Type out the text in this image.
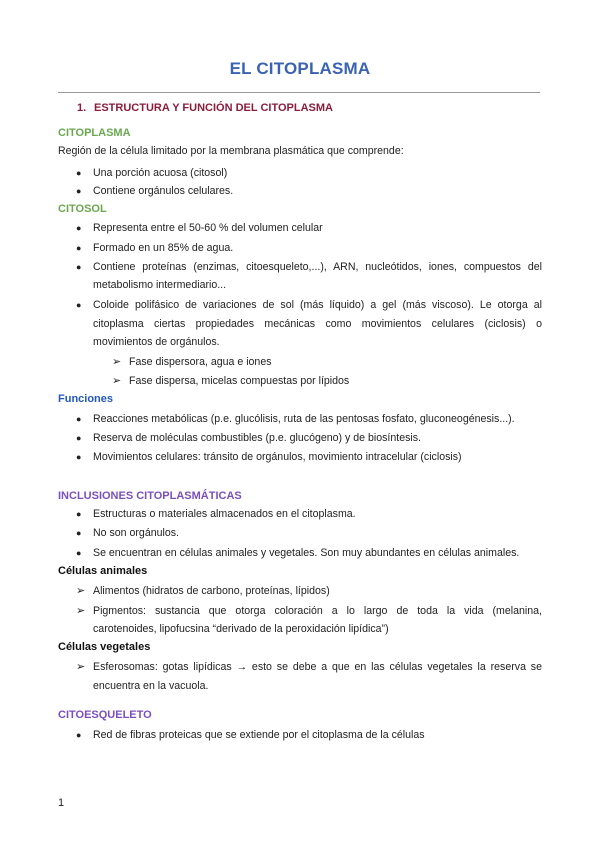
EL CITOPLASMA
1. ESTRUCTURA Y FUNCIÓN DEL CITOPLASMA
CITOPLASMA
Región de la célula limitado por la membrana plasmática que comprende:
● Una porción acuosa (citosol)
● Contiene orgánulos celulares.
CITOSOL
● Representa entre el 50-60 % del volumen celular
● Formado en un 85% de agua.
● Contiene proteínas (enzimas, citoesqueleto,...), ARN, nucleótidos, iones, compuestos del
metabolismo intermediario...
● Coloide polifásico de variaciones de sol (más líquido) a gel (más viscoso). Le otorga al
citoplasma ciertas propiedades mecánicas como movimientos celulares (ciclosis) o
movimientos de orgánulos.
➢ Fase dispersora, agua e iones
➢ Fase dispersa, micelas compuestas por lípidos
Funciones
● Reacciones metabólicas (p.e. glucólisis, ruta de las pentosas fosfato, gluconeogénesis...).
● Reserva de moléculas combustibles (p.e. glucógeno) y de biosíntesis.
● Movimientos celulares: tránsito de orgánulos, movimiento intracelular (ciclosis)
INCLUSIONES CITOPLASMÁTICAS
● Estructuras o materiales almacenados en el citoplasma.
● No son orgánulos.
● Se encuentran en células animales y vegetales. Son muy abundantes en células animales.
Células animales
➢ Alimentos (hidratos de carbono, proteínas, lípidos)
➢ Pigmentos: sustancia que otorga coloración a lo largo de toda la vida (melanina,
carotenoides, lipofucsina “derivado de la peroxidación lipídica”)
Células vegetales
➢ Esferosomas: gotas lipídicas → esto se debe a que en las células vegetales la reserva se
encuentra en la vacuola.
CITOESQUELETO
● Red de fibras proteicas que se extiende por el citoplasma de la células
1
